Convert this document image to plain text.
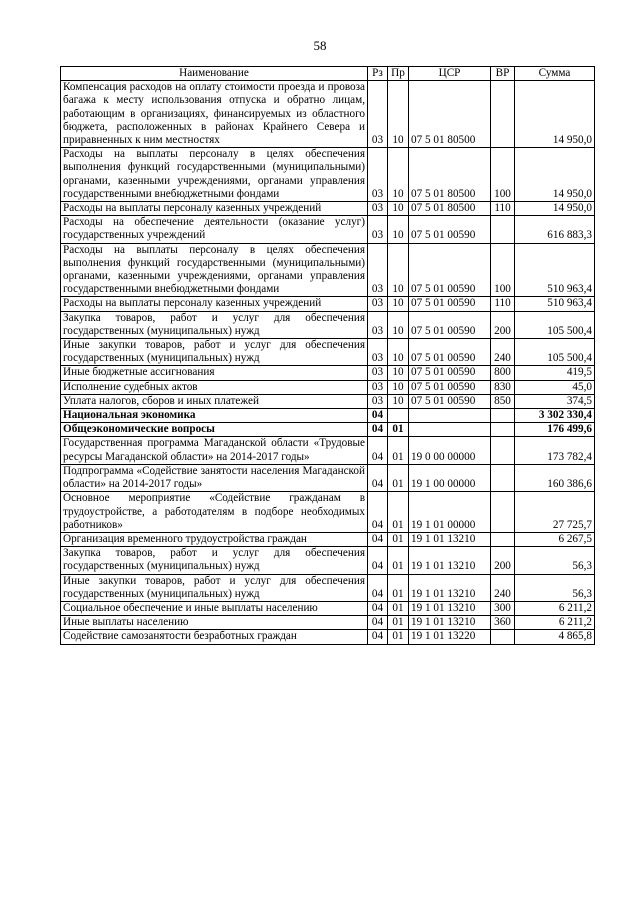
58
Наименование	Рз	Пр	ЦСР	ВР	Сумма
Компенсация расходов на оплату стоимости проезда и провоза багажа к месту использования отпуска и обратно лицам, работающим в организациях, финансируемых из областного бюджета, расположенных в районах Крайнего Севера и приравненных к ним местностях	03	10	07 5 01 80500		14 950,0
Расходы на выплаты персоналу в целях обеспечения выполнения функций государственными (муниципальными) органами, казенными учреждениями, органами управления государственными внебюджетными фондами	03	10	07 5 01 80500	100	14 950,0
Расходы на выплаты персоналу казенных учреждений	03	10	07 5 01 80500	110	14 950,0
Расходы на обеспечение деятельности (оказание услуг) государственных учреждений	03	10	07 5 01 00590		616 883,3
Расходы на выплаты персоналу в целях обеспечения выполнения функций государственными (муниципальными) органами, казенными учреждениями, органами управления государственными внебюджетными фондами	03	10	07 5 01 00590	100	510 963,4
Расходы на выплаты персоналу казенных учреждений	03	10	07 5 01 00590	110	510 963,4
Закупка товаров, работ и услуг для обеспечения государственных (муниципальных) нужд	03	10	07 5 01 00590	200	105 500,4
Иные закупки товаров, работ и услуг для обеспечения государственных (муниципальных) нужд	03	10	07 5 01 00590	240	105 500,4
Иные бюджетные ассигнования	03	10	07 5 01 00590	800	419,5
Исполнение судебных актов	03	10	07 5 01 00590	830	45,0
Уплата налогов, сборов и иных платежей	03	10	07 5 01 00590	850	374,5
Национальная экономика	04				3 302 330,4
Общеэкономические вопросы	04	01			176 499,6
Государственная программа Магаданской области «Трудовые ресурсы Магаданской области» на 2014-2017 годы»	04	01	19 0 00 00000		173 782,4
Подпрограмма «Содействие занятости населения Магаданской области» на 2014-2017 годы»	04	01	19 1 00 00000		160 386,6
Основное мероприятие «Содействие гражданам в трудоустройстве, а работодателям в подборе необходимых работников»	04	01	19 1 01 00000		27 725,7
Организация временного трудоустройства граждан	04	01	19 1 01 13210		6 267,5
Закупка товаров, работ и услуг для обеспечения государственных (муниципальных) нужд	04	01	19 1 01 13210	200	56,3
Иные закупки товаров, работ и услуг для обеспечения государственных (муниципальных) нужд	04	01	19 1 01 13210	240	56,3
Социальное обеспечение и иные выплаты населению	04	01	19 1 01 13210	300	6 211,2
Иные выплаты населению	04	01	19 1 01 13210	360	6 211,2
Содействие самозанятости безработных граждан	04	01	19 1 01 13220		4 865,8
